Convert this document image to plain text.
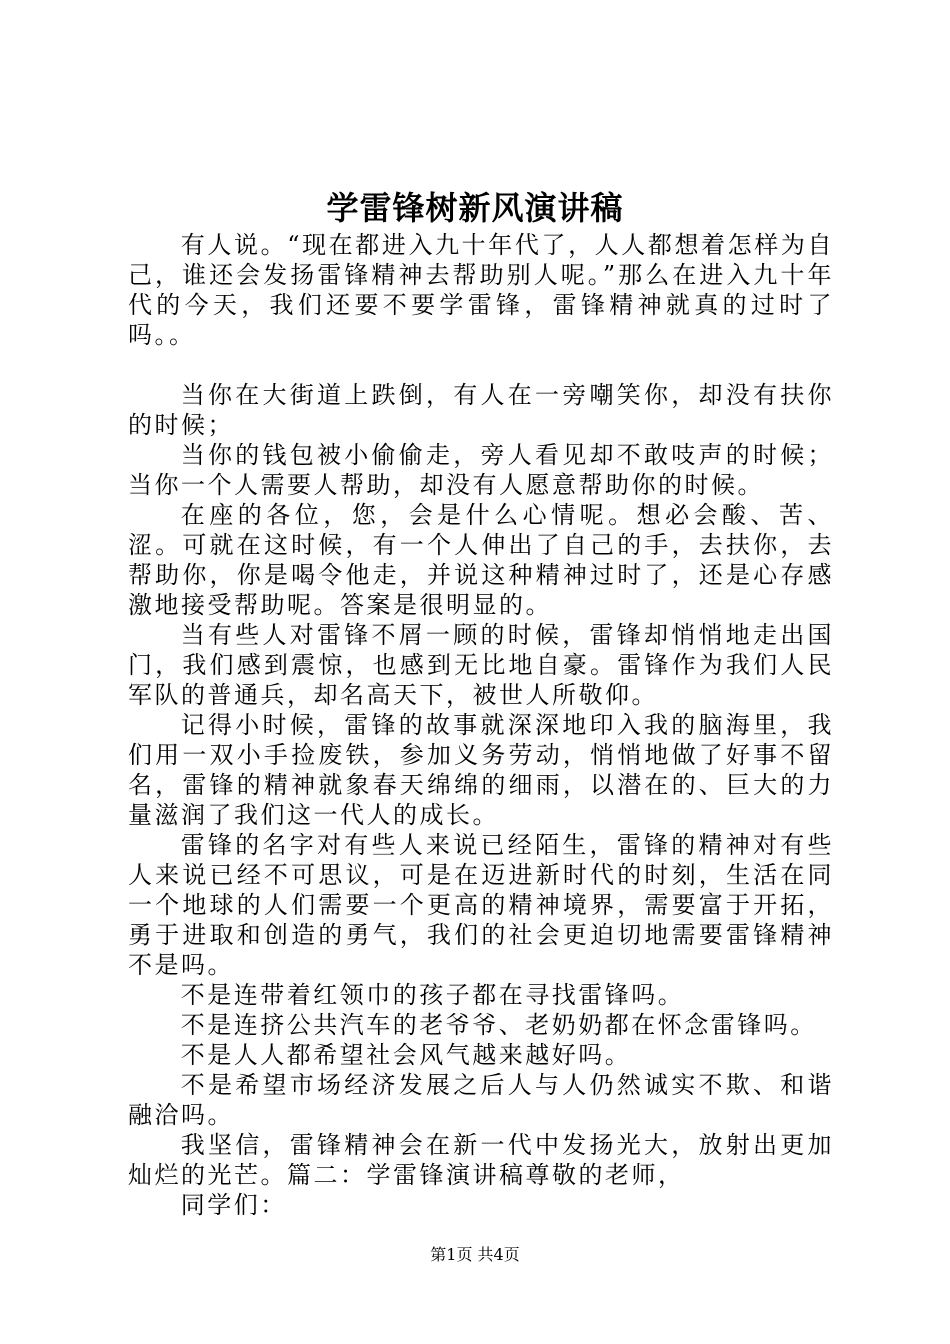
学雷锋树新风演讲稿

有人说。“现在都进入九十年代了，人人都想着怎样为自己，谁还会发扬雷锋精神去帮助别人呢。”那么在进入九十年代的今天，我们还要不要学雷锋，雷锋精神就真的过时了吗。。

当你在大街道上跌倒，有人在一旁嘲笑你，却没有扶你的时候；

当你的钱包被小偷偷走，旁人看见却不敢吱声的时候；当你一个人需要人帮助，却没有人愿意帮助你的时候。

在座的各位，您，会是什么心情呢。想必会酸、苦、涩。可就在这时候，有一个人伸出了自己的手，去扶你，去帮助你，你是喝令他走，并说这种精神过时了，还是心存感激地接受帮助呢。答案是很明显的。

当有些人对雷锋不屑一顾的时候，雷锋却悄悄地走出国门，我们感到震惊，也感到无比地自豪。雷锋作为我们人民军队的普通兵，却名高天下，被世人所敬仰。

记得小时候，雷锋的故事就深深地印入我的脑海里，我们用一双小手捡废铁，参加义务劳动，悄悄地做了好事不留名，雷锋的精神就象春天绵绵的细雨，以潜在的、巨大的力量滋润了我们这一代人的成长。

雷锋的名字对有些人来说已经陌生，雷锋的精神对有些人来说已经不可思议，可是在迈进新时代的时刻，生活在同一个地球的人们需要一个更高的精神境界，需要富于开拓，勇于进取和创造的勇气，我们的社会更迫切地需要雷锋精神不是吗。

不是连带着红领巾的孩子都在寻找雷锋吗。

不是连挤公共汽车的老爷爷、老奶奶都在怀念雷锋吗。

不是人人都希望社会风气越来越好吗。

不是希望市场经济发展之后人与人仍然诚实不欺、和谐融洽吗。

我坚信，雷锋精神会在新一代中发扬光大，放射出更加灿烂的光芒。篇二：学雷锋演讲稿尊敬的老师，

同学们：

第1页 共4页
